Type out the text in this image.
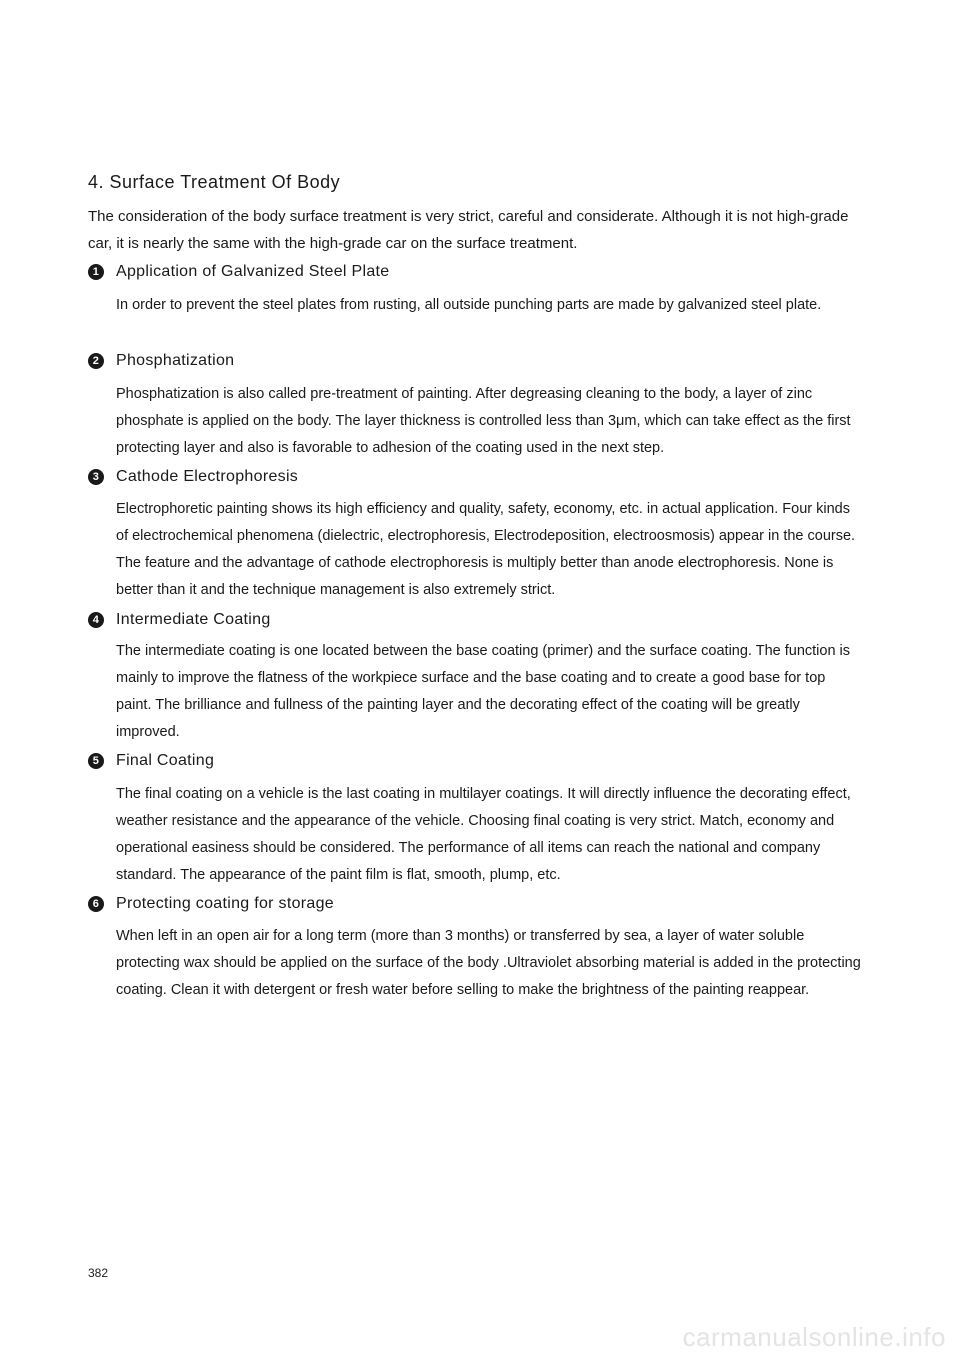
4. Surface Treatment Of Body

The consideration of the body surface treatment is very strict, careful and considerate. Although it is not high-grade car, it is nearly the same with the high-grade car on the surface treatment.

1 Application of Galvanized Steel Plate

In order to prevent the steel plates from rusting, all outside punching parts are made by galvanized steel plate.

2 Phosphatization

Phosphatization is also called pre-treatment of painting. After degreasing cleaning to the body, a layer of zinc phosphate is applied on the body. The layer thickness is controlled less than 3μm, which can take effect as the first protecting layer and also is favorable to adhesion of the coating used in the next step.

3 Cathode Electrophoresis

Electrophoretic painting shows its high efficiency and quality, safety, economy, etc. in actual application. Four kinds of electrochemical phenomena (dielectric, electrophoresis, Electrodeposition, electroosmosis) appear in the course. The feature and the advantage of cathode electrophoresis is multiply better than anode electrophoresis. None is better than it and the technique management is also extremely strict.

4 Intermediate Coating

The intermediate coating is one located between the base coating (primer) and the surface coating. The function is mainly to improve the flatness of the workpiece surface and the base coating and to create a good base for top paint. The brilliance and fullness of the painting layer and the decorating effect of the coating will be greatly improved.

5 Final Coating

The final coating on a vehicle is the last coating in multilayer coatings. It will directly influence the decorating effect, weather resistance and the appearance of the vehicle. Choosing final coating is very strict. Match, economy and operational easiness should be considered. The performance of all items can reach the national and company standard. The appearance of the paint film is flat, smooth, plump, etc.

6 Protecting coating for storage

When left in an open air for a long term (more than 3 months) or transferred by sea, a layer of water soluble protecting wax should be applied on the surface of the body .Ultraviolet absorbing material is added in the protecting coating. Clean it with detergent or fresh water before selling to make the brightness of the painting reappear.

382

carmanualsonline.info
